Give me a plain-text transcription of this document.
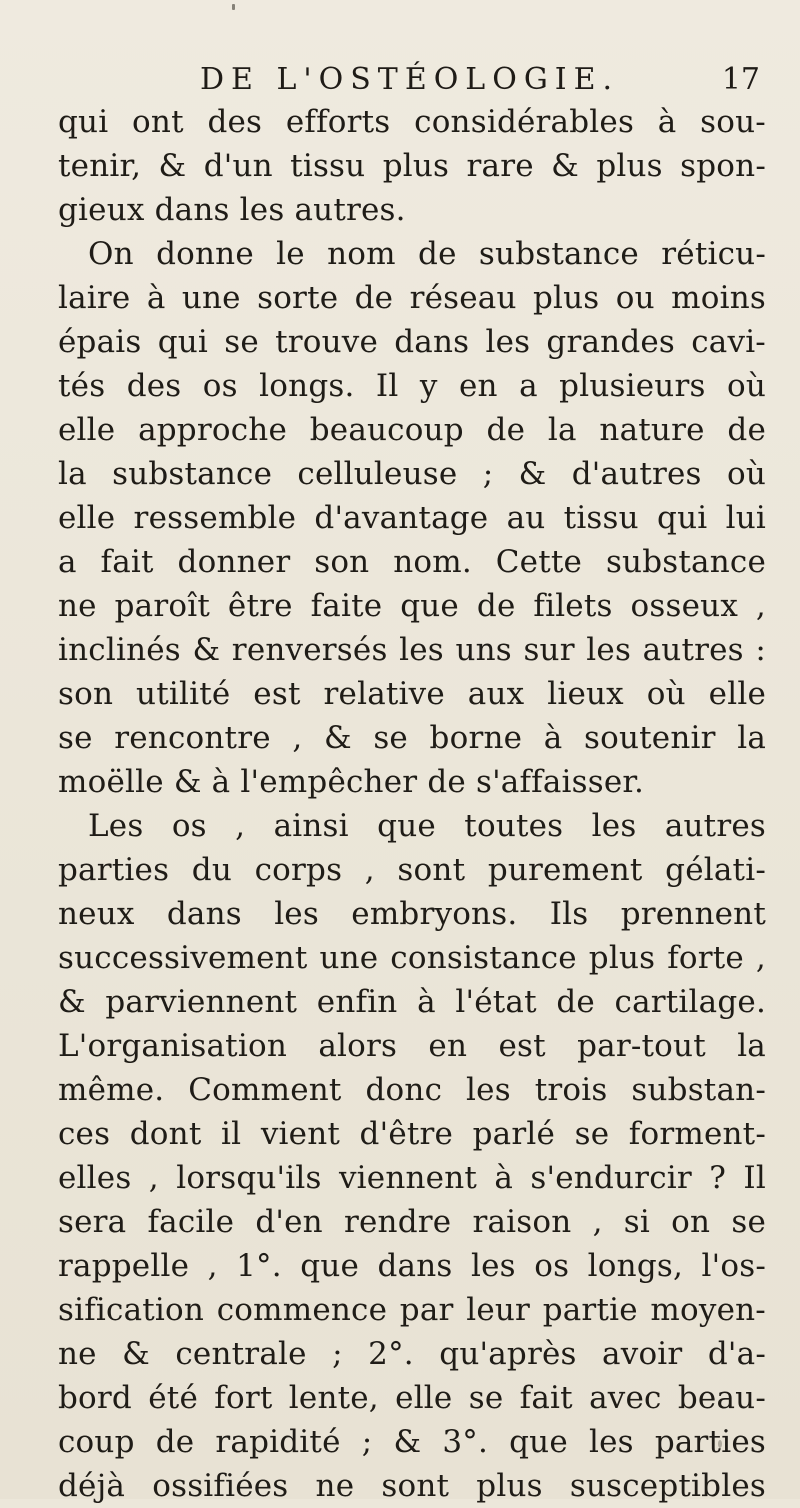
DE L'OSTÉOLOGIE.	17
qui ont des efforts considérables à sou-
tenir, & d'un tissu plus rare & plus spon-
gieux dans les autres.
On donne le nom de substance réticu-
laire à une sorte de réseau plus ou moins
épais qui se trouve dans les grandes cavi-
tés des os longs. Il y en a plusieurs où
elle approche beaucoup de la nature de
la substance celluleuse ; & d'autres où
elle ressemble d'avantage au tissu qui lui
a fait donner son nom. Cette substance
ne paroît être faite que de filets osseux ,
inclinés & renversés les uns sur les autres :
son utilité est relative aux lieux où elle
se rencontre , & se borne à soutenir la
moëlle & à l'empêcher de s'affaisser.
Les os , ainsi que toutes les autres
parties du corps , sont purement gélati-
neux dans les embryons. Ils prennent
successivement une consistance plus forte ,
& parviennent enfin à l'état de cartilage.
L'organisation alors en est par-tout la
même. Comment donc les trois substan-
ces dont il vient d'être parlé se forment-
elles , lorsqu'ils viennent à s'endurcir ? Il
sera facile d'en rendre raison , si on se
rappelle , 1°. que dans les os longs, l'os-
sification commence par leur partie moyen-
ne & centrale ; 2°. qu'après avoir d'a-
bord été fort lente, elle se fait avec beau-
coup de rapidité ; & 3°. que les parties
déjà ossifiées ne sont plus susceptibles
